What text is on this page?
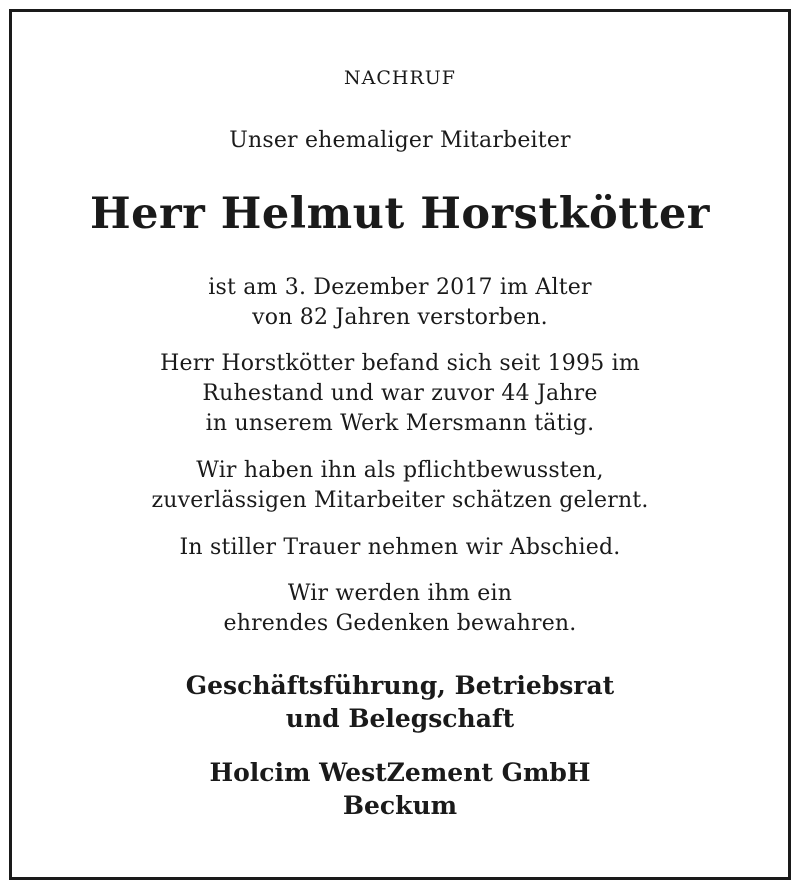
NACHRUF
Unser ehemaliger Mitarbeiter
Herr Helmut Horstkötter
ist am 3. Dezember 2017 im Alter
von 82 Jahren verstorben.
Herr Horstkötter befand sich seit 1995 im
Ruhestand und war zuvor 44 Jahre
in unserem Werk Mersmann tätig.
Wir haben ihn als pflichtbewussten,
zuverlässigen Mitarbeiter schätzen gelernt.
In stiller Trauer nehmen wir Abschied.
Wir werden ihm ein
ehrendes Gedenken bewahren.
Geschäftsführung, Betriebsrat
und Belegschaft
Holcim WestZement GmbH
Beckum
